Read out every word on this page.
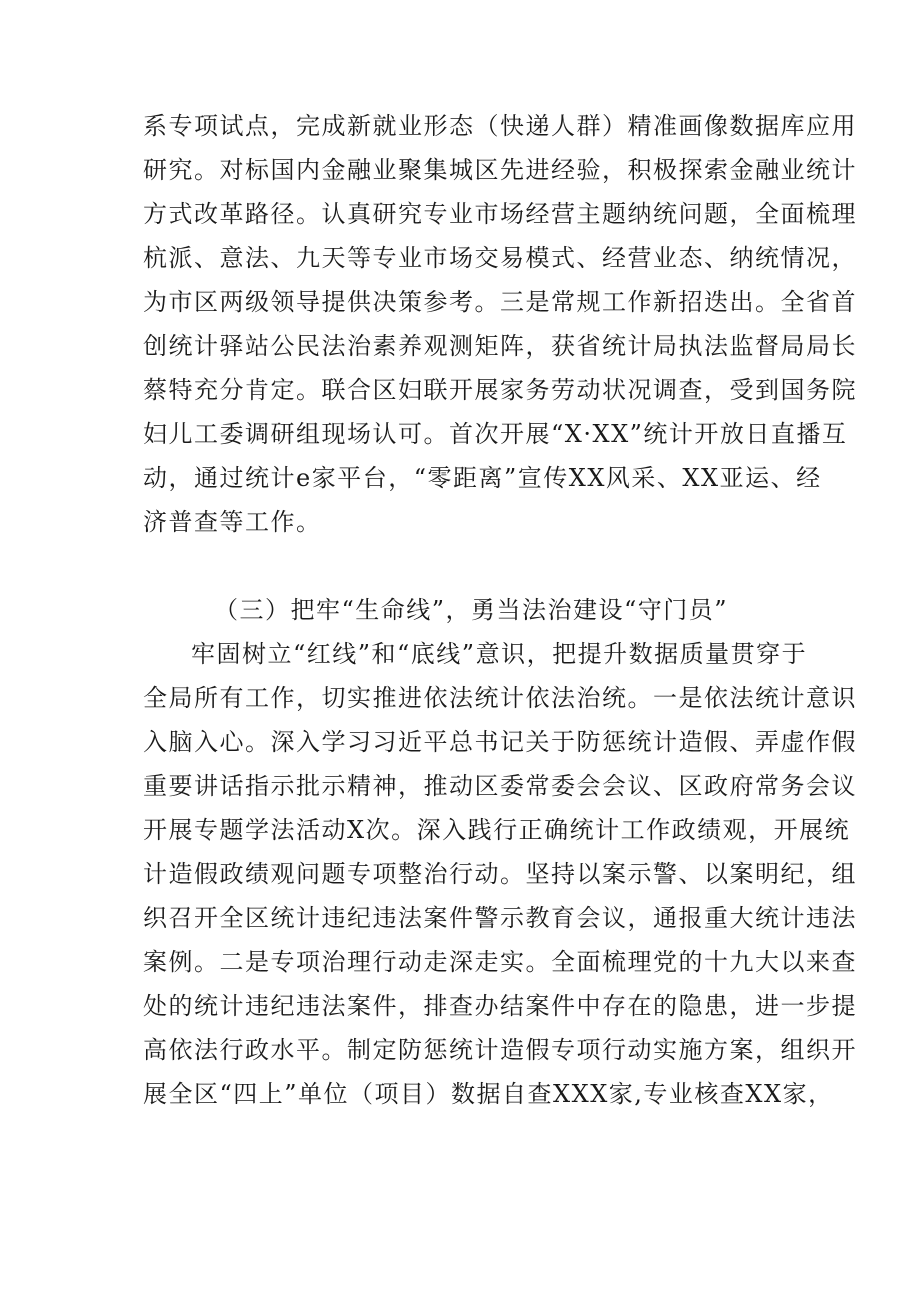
系专项试点，完成新就业形态（快递人群）精准画像数据库应用
研究。对标国内金融业聚集城区先进经验，积极探索金融业统计
方式改革路径。认真研究专业市场经营主题纳统问题，全面梳理
杭派、意法、九天等专业市场交易模式、经营业态、纳统情况，
为市区两级领导提供决策参考。三是常规工作新招迭出。全省首
创统计驿站公民法治素养观测矩阵，获省统计局执法监督局局长
蔡特充分肯定。联合区妇联开展家务劳动状况调查，受到国务院
妇儿工委调研组现场认可。首次开展“X·XX”统计开放日直播互
动，通过统计e家平台，“零距离”宣传XX风采、XX亚运、经
济普查等工作。
（三）把牢“生命线”，勇当法治建设“守门员”
牢固树立“红线”和“底线”意识，把提升数据质量贯穿于
全局所有工作，切实推进依法统计依法治统。一是依法统计意识
入脑入心。深入学习习近平总书记关于防惩统计造假、弄虚作假
重要讲话指示批示精神，推动区委常委会会议、区政府常务会议
开展专题学法活动X次。深入践行正确统计工作政绩观，开展统
计造假政绩观问题专项整治行动。坚持以案示警、以案明纪，组
织召开全区统计违纪违法案件警示教育会议，通报重大统计违法
案例。二是专项治理行动走深走实。全面梳理党的十九大以来查
处的统计违纪违法案件，排查办结案件中存在的隐患，进一步提
高依法行政水平。制定防惩统计造假专项行动实施方案，组织开
展全区“四上”单位（项目）数据自查XXX家,专业核查XX家，
